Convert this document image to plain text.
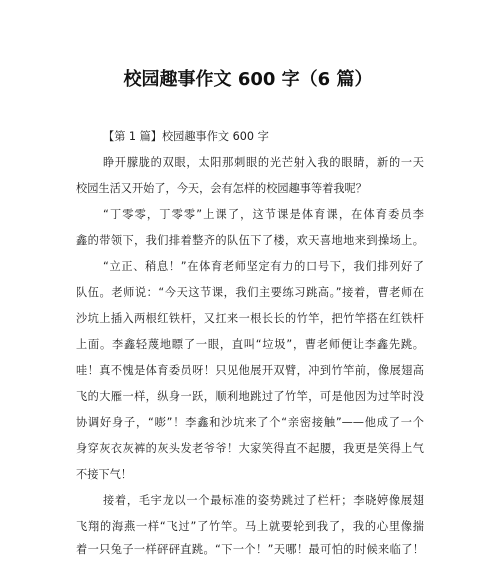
校园趣事作文 600 字（6 篇）
【第 1 篇】校园趣事作文 600 字
睁开朦胧的双眼，太阳那刺眼的光芒射入我的眼睛，新的一天
校园生活又开始了，今天，会有怎样的校园趣事等着我呢？
“丁零零，丁零零”上课了，这节课是体育课，在体育委员李
鑫的带领下，我们排着整齐的队伍下了楼，欢天喜地地来到操场上。
“立正、稍息！”在体育老师坚定有力的口号下，我们排列好了
队伍。老师说：“今天这节课，我们主要练习跳高。”接着，曹老师在
沙坑上插入两根红铁杆，又扛来一根长长的竹竿，把竹竿搭在红铁杆
上面。李鑫轻蔑地瞟了一眼，直叫“垃圾”，曹老师便让李鑫先跳。
哇！真不愧是体育委员呀！只见他展开双臂，冲到竹竿前，像展翅高
飞的大雁一样，纵身一跃，顺利地跳过了竹竿，可是他因为过竿时没
协调好身子，“嘭”！李鑫和沙坑来了个“亲密接触”——他成了一个
身穿灰衣灰裤的灰头发老爷爷！大家笑得直不起腰，我更是笑得上气
不接下气！
接着，毛宇龙以一个最标准的姿势跳过了栏杆；李晓婷像展翅
飞翔的海燕一样“飞过”了竹竿。马上就要轮到我了，我的心里像揣
着一只兔子一样砰砰直跳。“下一个！”天哪！最可怕的时候来临了！
